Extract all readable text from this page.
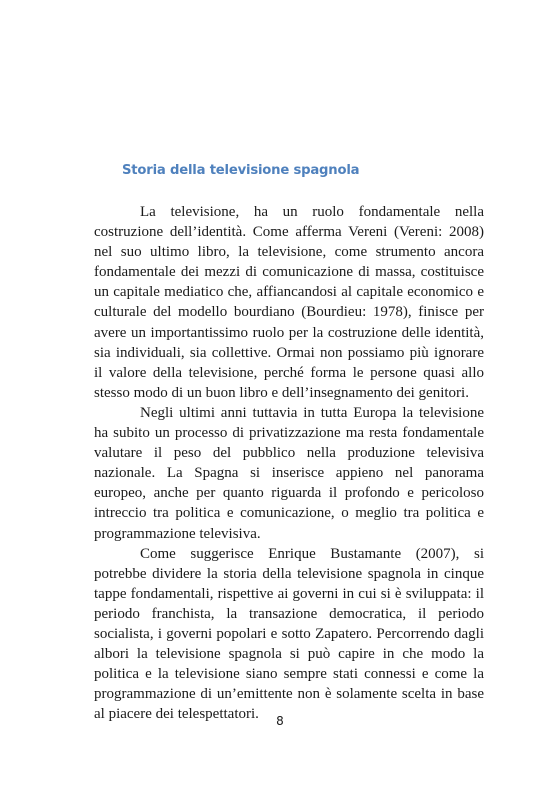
Storia della televisione spagnola

La televisione, ha un ruolo fondamentale nella costruzione dell’identità. Come afferma Vereni (Vereni: 2008) nel suo ultimo libro, la televisione, come strumento ancora fondamentale dei mezzi di comunicazione di massa, costituisce un capitale mediatico che, affiancandosi al capitale economico e culturale del modello bourdiano (Bourdieu: 1978), finisce per avere un importantissimo ruolo per la costruzione delle identità, sia individuali, sia collettive. Ormai non possiamo più ignorare il valore della televisione, perché forma le persone quasi allo stesso modo di un buon libro e dell’insegnamento dei genitori.

Negli ultimi anni tuttavia in tutta Europa la televisione ha subito un processo di privatizzazione ma resta fondamentale valutare il peso del pubblico nella produzione televisiva nazionale. La Spagna si inserisce appieno nel panorama europeo, anche per quanto riguarda il profondo e pericoloso intreccio tra politica e comunicazione, o meglio tra politica e programmazione televisiva.

Come suggerisce Enrique Bustamante (2007), si potrebbe dividere la storia della televisione spagnola in cinque tappe fondamentali, rispettive ai governi in cui si è sviluppata: il periodo franchista, la transazione democratica, il periodo socialista, i governi popolari e sotto Zapatero. Percorrendo dagli albori la televisione spagnola si può capire in che modo la politica e la televisione siano sempre stati connessi e come la programmazione di un’emittente non è solamente scelta in base al piacere dei telespettatori.	8
